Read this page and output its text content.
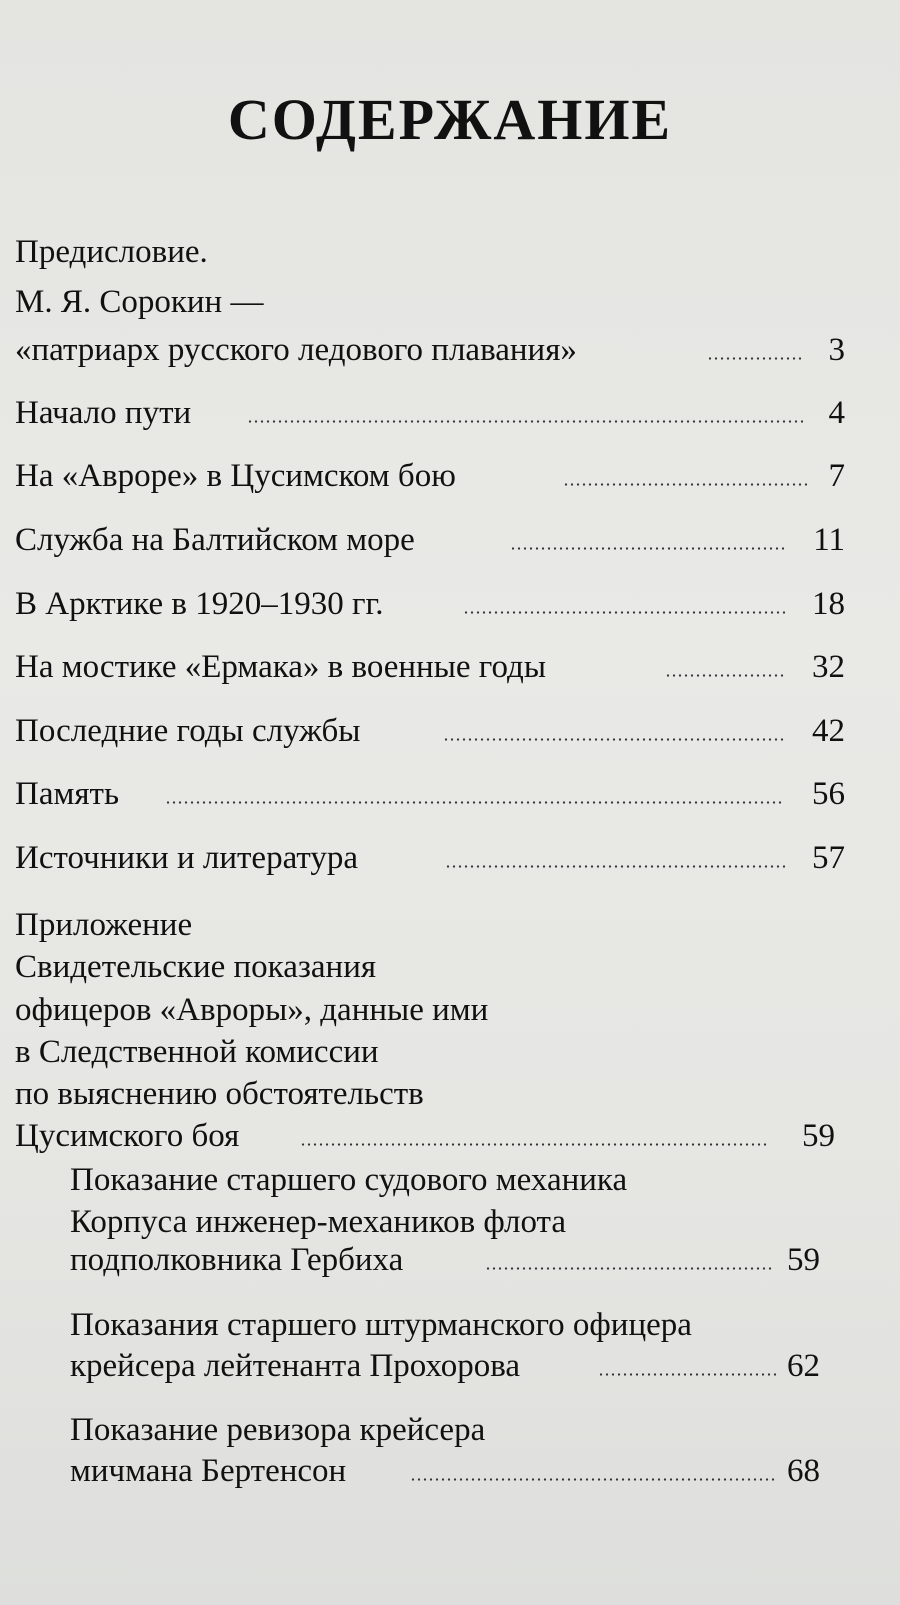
СОДЕРЖАНИЕ
Предисловие.
М. Я. Сорокин —
«патриарх русского ледового плавания»	3
Начало пути	4
На «Авроре» в Цусимском бою	7
Служба на Балтийском море	11
В Арктике в 1920–1930 гг.	18
На мостике «Ермака» в военные годы	32
Последние годы службы	42
Память	56
Источники и литература	57
Приложение
Свидетельские показания
офицеров «Авроры», данные ими
в Следственной комиссии
по выяснению обстоятельств
Цусимского боя	59
Показание старшего судового механика
Корпуса инженер-механиков флота
подполковника Гербиха	59
Показания старшего штурманского офицера
крейсера лейтенанта Прохорова	62
Показание ревизора крейсера
мичмана Бертенсон	68
